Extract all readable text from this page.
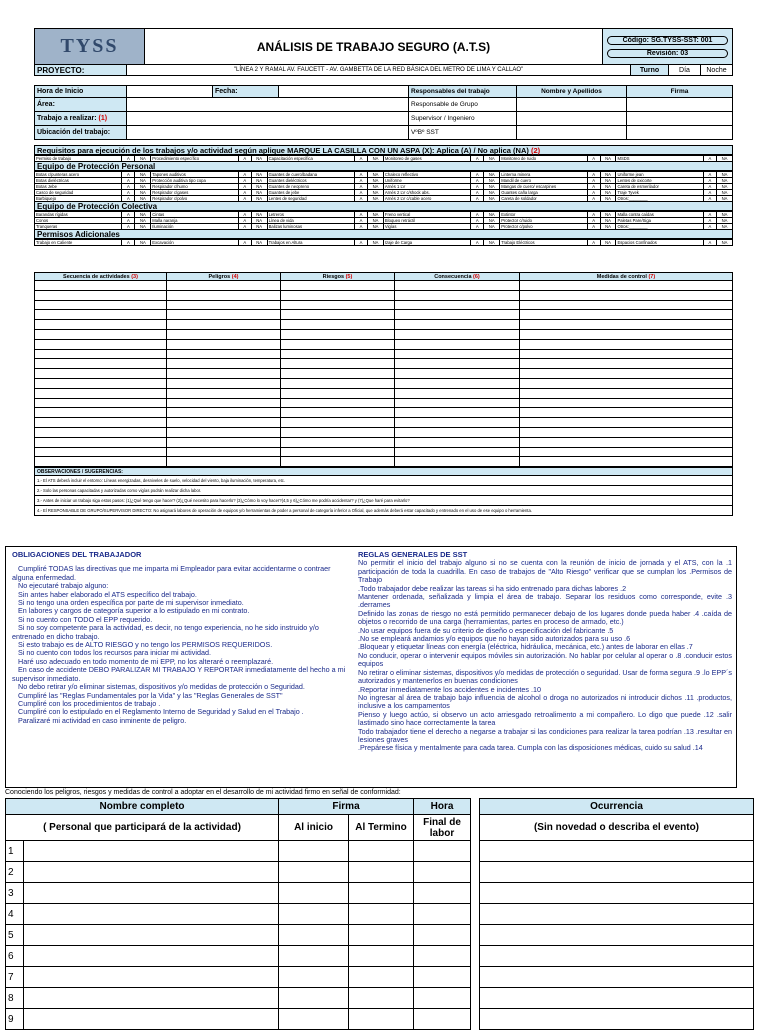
TYSS	ANÁLISIS DE TRABAJO SEGURO (A.T.S)	Código: SG.TYSS-SST: 001
Revisión: 03
PROYECTO:	"LÍNEA 2 Y RAMAL AV. FAUCETT - AV. GAMBETTA DE LA RED BÁSICA DEL METRO DE LIMA Y CALLAO"	Turno	Día	Noche
Hora de Inicio		Fecha:		Responsables del trabajo	Nombre y Apellidos	Firma
Área:				Responsable de Grupo		
Trabajo a realizar: (1)				Supervisor / Ingeniero		
Ubicación del trabajo:				VºBº SST		
Requisitos para ejecución de los trabajos y/o actividad según aplique MARQUE LA CASILLA CON UN ASPA (X): Aplica (A) / No aplica (NA) (2)
Permiso de trabajo	A	NA	Procedimiento específico	A	NA	Capacitación específica	A	NA	Monitoreo de gases	A	NA	Monitoreo de ruido	A	NA	MSDS	A	NA
Equipo de Protección Personal
Botas c/punteras acero	A	NA	Tapones auditivos	A	NA	Guantes de cuero/badana	A	NA	Chaleco reflectivo	A	NA	Linterna minera	A	NA	Uniforme jean	A	NA
Botas dieléctricas	A	NA	Protección auditiva tipo copa	A	NA	Guantes dieléctricos	A	NA	Uniforme	A	NA	Mandil de cuero	A	NA	Lentes de oxicorte	A	NA
Botas Jebe	A	NA	Respirador c/humo	A	NA	Guantes de neopreno	A	NA	Arnés 1 LV	A	NA	Mangas de cuero/ escarpines	A	NA	Careta de esmerilador	A	NA
Casco de seguridad	A	NA	Respirador c/gases	A	NA	Guantes de jebe	A	NA	Arnés 2 LV c/shock abs.	A	NA	Guantes caña larga	A	NA	Traje Tyvek	A	NA
Barbiquejo	A	NA	Respirador c/polvo	A	NA	Lentes de seguridad	A	NA	Arnés 2 LV c/cable acero	A	NA	Careta de soldador	A	NA	Otros:________	A	NA
Equipo de Protección Colectiva
Barandas rígidas	A	NA	Cintas	A	NA	Letreros	A	NA	Freno vertical	A	NA	Extintor	A	NA	Malla contra caídas	A	NA
Conos	A	NA	Malla naranja	A	NA	Línea de vida	A	NA	Bloqueo retráctil	A	NA	Protector c/ruido	A	NA	Paletas Pare/Siga	A	NA
Tranqueras	A	NA	Iluminación	A	NA	Balizas luminosas	A	NA	Vigías	A	NA	Protector c/polvo	A	NA	Otros:________	A	NA
Permisos Adicionales
Trabajo en Caliente	A	NA	Excavación	A	NA	Trabajos en Altura	A	NA	Izaje de Carga	A	NA	Trabajo Eléctricos	A	NA	Espacios Confinados	A	NA
Secuencia de actividades (3)	Peligros (4)	Riesgos (5)	Consecuencia (6)	Medidas de control (7)

OBSERVACIONES / SUGERENCIAS:
1.- El ATS deberá incluir el entorno: Líneas energizadas, desniveles de suelo, velocidad del viento, baja iluminación, temperatura, etc.
2.- Solo las personas capacitadas y autorizadas como vigías podrán realizar dicha labor.
3.- Antes de iniciar un trabajo siga estos pasos: (1)¿Qué tengo que hacer? (2)¿Qué necesito para hacerlo? (3)¿Cómo lo voy hacer?(4,5 y 6)¿Cómo me podría accidentar? y (7)¿Que haré para evitarlo?
4.- El RESPONSABLE DE GRUPO/SUPERVISOR DIRECTO: No asignará labores de operación de equipos y/o herramientas de poder a personal de categoría inferior a Oficial, que además deberá estar capacitado y entrenado en el uso de ese equipo o herramienta.
OBLIGACIONES DEL TRABAJADOR
Cumpliré TODAS las directivas que me imparta mi Empleador para evitar accidentarme o contraer alguna enfermedad.
No ejecutaré trabajo alguno:
Sin antes haber elaborado el ATS específico del trabajo.
Si no tengo una orden específica por parte de mi supervisor inmediato.
En labores y cargos de categoría superior a lo estipulado en mi contrato.
Si no cuento con TODO el EPP requerido.
Si no soy competente para la actividad, es decir, no tengo experiencia, no he sido instruido y/o entrenado en dicho trabajo.
Si esto trabajo es de ALTO RIESGO y no tengo los PERMISOS REQUERIDOS.
Si no cuento con todos los recursos para iniciar mi actividad.
Haré uso adecuado en todo momento de mi EPP, no los alteraré o reemplazaré.
En caso de accidente DEBO PARALIZAR MI TRABAJO Y REPORTAR inmediatamente del hecho a mi supervisor inmediato.
No debo retirar y/o eliminar sistemas, dispositivos y/o medidas de protección o Seguridad.
Cumpliré las "Reglas Fundamentales por la Vida" y las "Reglas Generales de SST"
Cumpliré con los procedimientos de trabajo .
Cumpliré con lo estipulado en el Reglamento Interno de Seguridad y Salud en el Trabajo .
Paralizaré mi actividad en caso inminente de peligro.
REGLAS GENERALES DE SST
No permitir el inicio del trabajo alguno si no se cuenta con la reunión de inicio de jornada y el ATS, con la .1 participación de toda la cuadrilla. En caso de trabajos de "Alto Riesgo" verificar que se cumplan los .Permisos de Trabajo
.Todo trabajador debe realizar las tareas si ha sido entrenado para dichas labores .2
Mantener ordenada, señalizada y limpia el área de trabajo. Separar los residuos como corresponde, evite .3 .derrames
Definido las zonas de riesgo no está permitido permanecer debajo de los lugares donde pueda haber .4 .caída de objetos o recorrido de una carga (herramientas, partes en proceso de armado, etc.)
.No usar equipos fuera de su criterio de diseño o especificación del fabricante .5
.No se empleará andamios y/o equipos que no hayan sido autorizados para su uso .6
.Bloquear y etiquetar líneas con energía (eléctrica, hidráulica, mecánica, etc.) antes de laborar en ellas .7
No conducir, operar o intervenir equipos móviles sin autorización. No hablar por celular al operar o .8 .conducir estos equipos
No retirar o eliminar sistemas, dispositivos y/o medidas de protección o seguridad. Usar de forma segura .9 .lo EPP´s autorizados y mantenerlos en buenas condiciones
.Reportar inmediatamente los accidentes e incidentes .10
No ingresar al área de trabajo bajo influencia de alcohol o droga no autorizados ni introducir dichos .11 .productos, inclusive a los campamentos
Pienso y luego actúo, si observo un acto arriesgado retroalimento a mi compañero. Lo digo que puede .12 .salir lastimado sino hace correctamente la tarea
Todo trabajador tiene el derecho a negarse a trabajar si las condiciones para realizar la tarea podrían .13 .resultar en lesiones graves
.Prepárese física y mentalmente para cada tarea. Cumpla con las disposiciones médicas, cuido su salud .14
Conociendo los peligros, riesgos y medidas de control a adoptar en el desarrollo de mi actividad firmo en señal de conformidad:
Nombre completo		Firma		Hora
( Personal que participará de la actividad)		Al inicio	Al Termino	Final de labor
1				
2				
3				
4				
5				
6				
7				
8				
9				
Ocurrencia
(Sin novedad o describa el evento)
